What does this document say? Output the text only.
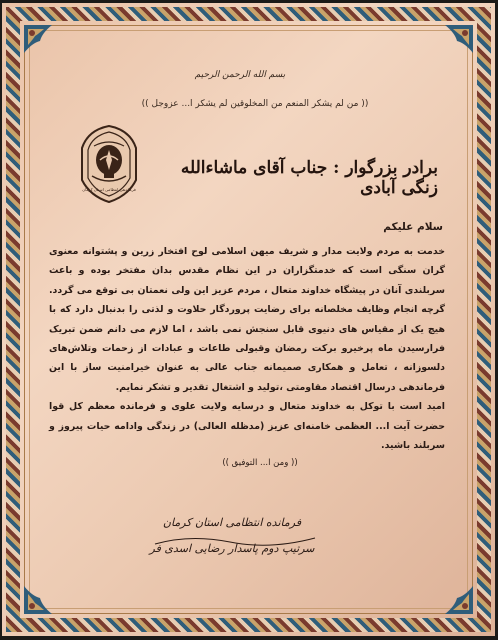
بسم الله الرحمن الرحیم
(( من لم یشکر المنعم من المخلوقین لم یشکر ا... عزوجل ))
فرماندهی انتظامی استان کرمان
برادر بزرگوار : جناب آقای ماشاءالله زنگی آبادی
سلام علیکم

خدمت به مردم ولایت مدار و شریف میهن اسلامی لوح افتخار زرین و پشتوانه معنوی گران سنگی است که خدمتگزاران در این نظام مقدس بدان مفتخر بوده و باعث سربلندی آنان در پیشگاه خداوند متعال ، مردم عزیز این ولی نعمتان بی توقع می گردد. گرچه انجام وظایف مخلصانه برای رضایت پروردگار حلاوت و لذتی را بدنبال دارد که با هیچ یک از مقیاس های دنیوی قابل سنجش نمی باشد ، اما لازم می دانم ضمن تبریک فرارسیدن ماه پرخیرو برکت رمضان وقبولی طاعات و عبادات از زحمات وتلاش‌های دلسوزانه ، تعامل و همکاری صمیمانه جناب عالی به عنوان خیرامنیت ساز با این فرماندهی درسال اقتصاد مقاومتی ،تولید و اشتغال تقدیر و تشکر نمایم.

امید است با توکل به خداوند متعال و درسایه ولایت علوی و فرمانده معظم کل قوا حضرت آیت ا... العظمی خامنه‌ای عزیز (مدظله العالی) در زندگی وادامه حیات پیروز و سربلند باشید.

(( ومن ا... التوفیق ))
فرمانده انتظامی استان کرمان
سرتیپ دوم پاسدار رضایی اسدی فر
